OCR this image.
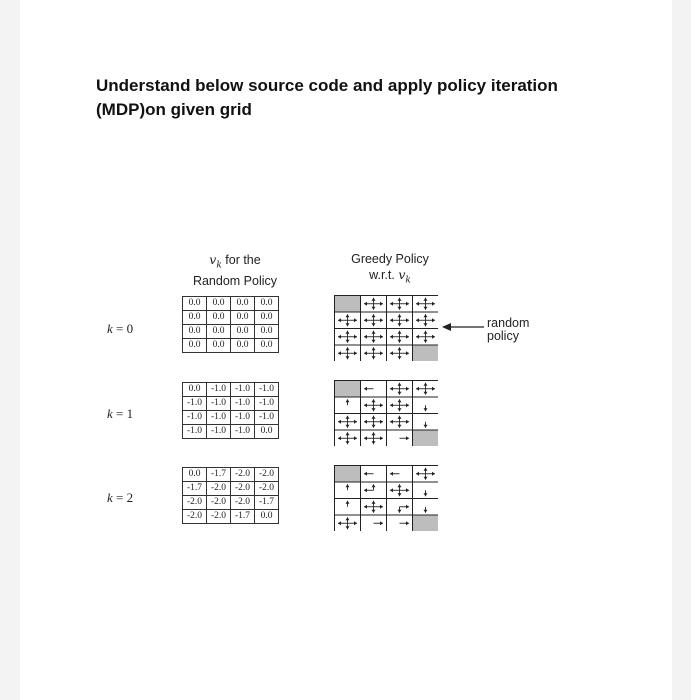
Understand below source code and apply policy iteration (MDP)on given grid
$v_k$ for the
Random Policy
Greedy Policy
w.r.t. $v_k$
k = 0
0.0	0.0	0.0	0.0
0.0	0.0	0.0	0.0
0.0	0.0	0.0	0.0
0.0	0.0	0.0	0.0
k = 1
0.0	-1.0	-1.0	-1.0
-1.0	-1.0	-1.0	-1.0
-1.0	-1.0	-1.0	-1.0
-1.0	-1.0	-1.0	0.0
k = 2
0.0	-1.7	-2.0	-2.0
-1.7	-2.0	-2.0	-2.0
-2.0	-2.0	-2.0	-1.7
-2.0	-2.0	-1.7	0.0
random
policy
